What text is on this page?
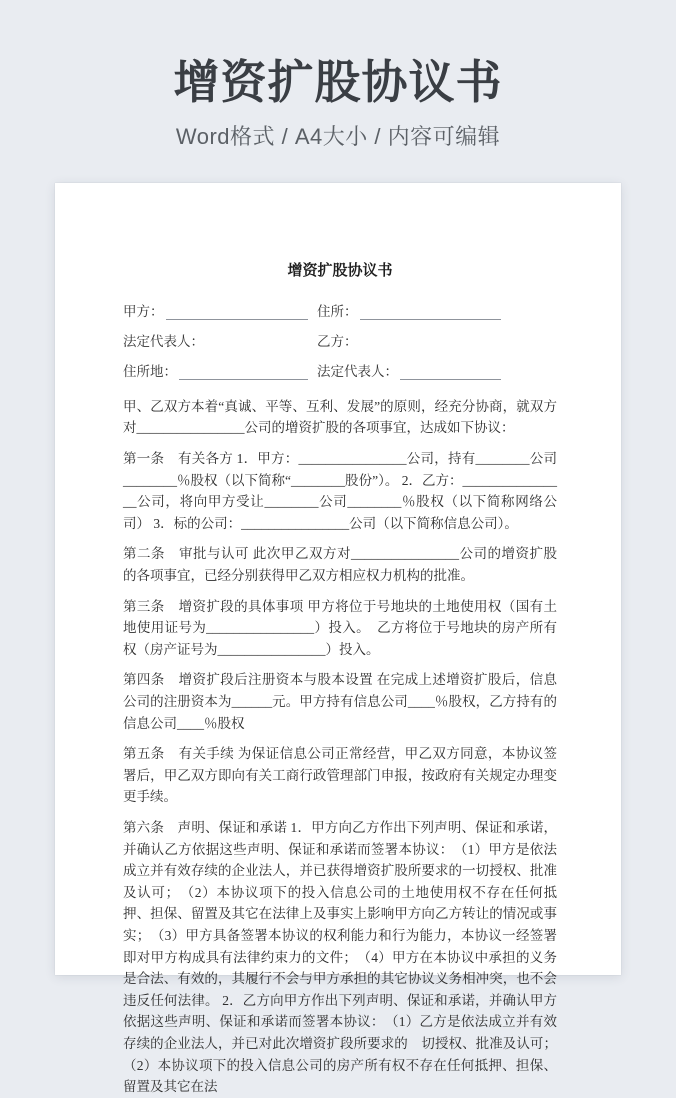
增资扩股协议书

Word格式 / A4大小 / 内容可编辑

增资扩股协议书
甲方：	住所：
法定代表人：	乙方：
住所地：	法定代表人：

甲、乙双方本着“真诚、平等、互利、发展”的原则，经充分协商，就双方对________________公司的增资扩股的各项事宜，达成如下协议：

第一条　有关各方 1．甲方：________________公司，持有________公司________％股权（以下简称“________股份”）。 2．乙方：________________公司，将向甲方受让________公司________％股权（以下简称网络公司） 3．标的公司：________________公司（以下简称信息公司）。

第二条　审批与认可 此次甲乙双方对________________公司的增资扩股的各项事宜，已经分别获得甲乙双方相应权力机构的批准。

第三条　增资扩段的具体事项 甲方将位于号地块的土地使用权（国有土地使用证号为________________）投入。　乙方将位于号地块的房产所有权（房产证号为________________）投入。

第四条　增资扩段后注册资本与股本设置 在完成上述增资扩股后，信息公司的注册资本为______元。甲方持有信息公司____％股权，乙方持有的信息公司____％股权

第五条　有关手续 为保证信息公司正常经营，甲乙双方同意，本协议签署后，甲乙双方即向有关工商行政管理部门申报，按政府有关规定办理变更手续。

第六条　声明、保证和承诺 1．甲方向乙方作出下列声明、保证和承诺，并确认乙方依据这些声明、保证和承诺而签署本协议：　（1）甲方是依法成立并有效存续的企业法人，并已获得增资扩股所要求的一切授权、批准及认可；　（2）本协议项下的投入信息公司的土地使用权不存在任何抵押、担保、留置及其它在法律上及事实上影响甲方向乙方转让的情况或事实；　（3）甲方具备签署本协议的权利能力和行为能力，本协议一经签署即对甲方构成具有法律约束力的文件；　（4）甲方在本协议中承担的义务是合法、有效的，其履行不会与甲方承担的其它协议义务相冲突，也不会违反任何法律。 2．乙方向甲方作出下列声明、保证和承诺，并确认甲方依据这些声明、保证和承诺而签署本协议：　（1）乙方是依法成立并有效存续的企业法人，并已对此次增资扩段所要求的　切授权、批准及认可；（2）本协议项下的投入信息公司的房产所有权不存在任何抵押、担保、留置及其它在法
